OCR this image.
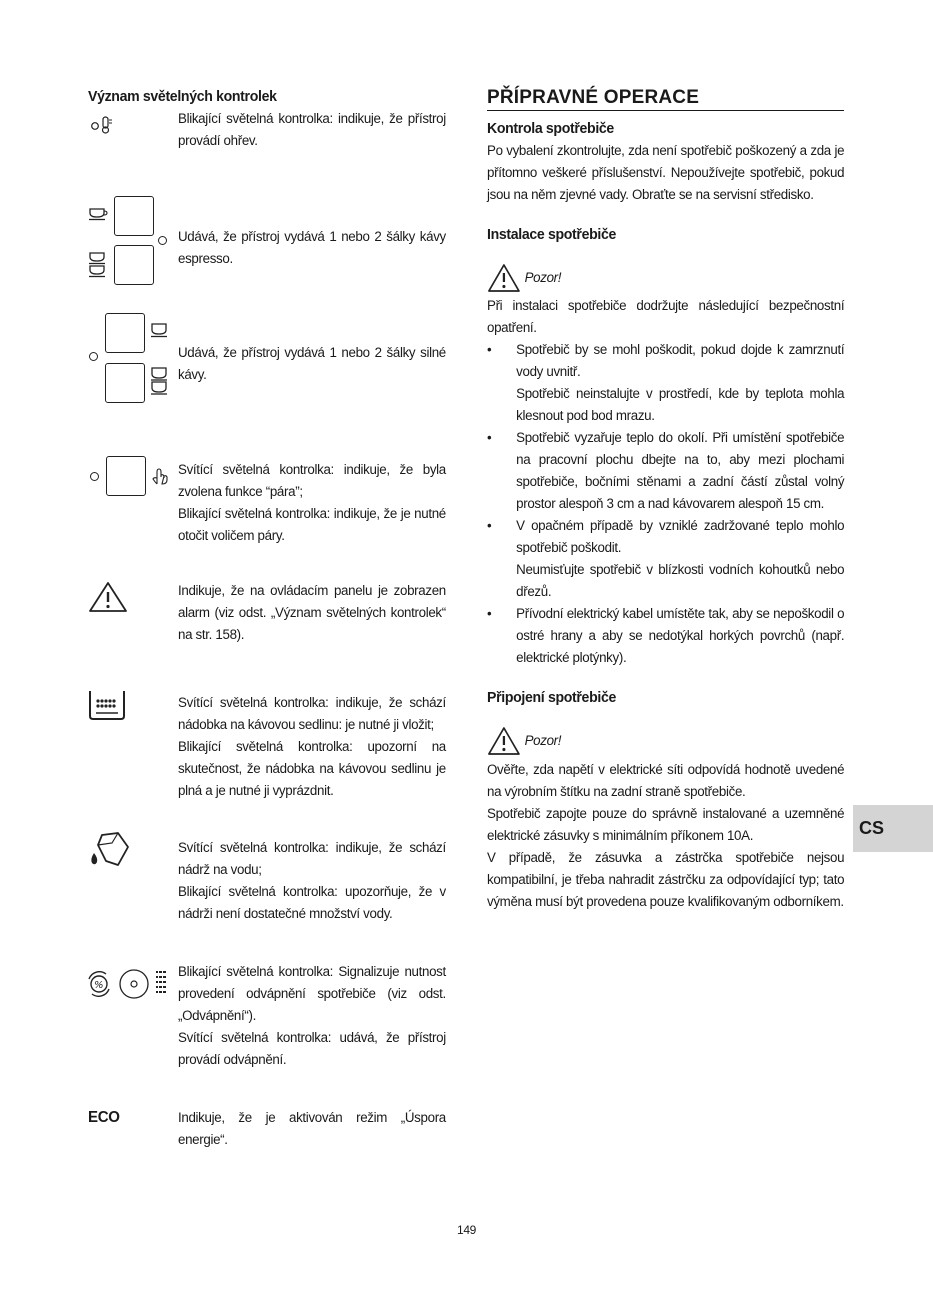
Význam světelných kontrolek

Blikající světelná kontrolka: indikuje, že přístroj provádí ohřev.

Udává, že přístroj vydává 1 nebo 2 šálky kávy espresso.

Udává, že přístroj vydává 1 nebo 2 šálky silné kávy.

Svítící světelná kontrolka: indikuje, že byla zvolena funkce “pára”;

Blikající světelná kontrolka: indikuje, že je nutné otočit voličem páry.

Indikuje, že na ovládacím panelu je zobrazen alarm (viz odst. „Význam světelných kontrolek“ na str. 158).

Svítící světelná kontrolka: indikuje, že schází nádobka na kávovou sedlinu: je nutné ji vložit;

Blikající světelná kontrolka: upozorní na skutečnost, že nádobka na kávovou sedlinu je plná a je nutné ji vyprázdnit.

Svítící světelná kontrolka: indikuje, že schází nádrž na vodu;

Blikající světelná kontrolka: upozorňuje, že v nádrži není dostatečné množství vody.

%

Blikající světelná kontrolka: Signalizuje nutnost provedení odvápnění spotřebiče (viz odst. „Odvápnění“).

Svítící světelná kontrolka: udává, že přístroj provádí odvápnění.

ECO	Indikuje, že je aktivován režim „Úspora energie“.

PŘÍPRAVNÉ OPERACE
Kontrola spotřebiče

Po vybalení zkontrolujte, zda není spotřebič poškozený a zda je přítomno veškeré příslušenství. Nepoužívejte spotřebič, pokud jsou na něm zjevné vady. Obraťte se na servisní středisko.

Instalace spotřebiče
Pozor!

Při instalaci spotřebiče dodržujte následující bezpečnostní opatření.

• Spotřebič by se mohl poškodit, pokud dojde k zamrznutí vody uvnitř.

Spotřebič neinstalujte v prostředí, kde by teplota mohla klesnout pod bod mrazu.

• Spotřebič vyzařuje teplo do okolí. Při umístění spotřebiče na pracovní plochu dbejte na to, aby mezi plochami spotřebiče, bočními stěnami a zadní částí zůstal volný prostor alespoň 3 cm a nad kávovarem alespoň 15 cm.

• V opačném případě by vzniklé zadržované teplo mohlo spotřebič poškodit.

Neumisťujte spotřebič v blízkosti vodních kohoutků nebo dřezů.

• Přívodní elektrický kabel umístěte tak, aby se nepoškodil o ostré hrany a aby se nedotýkal horkých povrchů (např. elektrické plotýnky).

Připojení spotřebiče
Pozor!

Ověřte, zda napětí v elektrické síti odpovídá hodnotě uvedené na výrobním štítku na zadní straně spotřebiče.

Spotřebič zapojte pouze do správně instalované a uzemněné elektrické zásuvky s minimálním příkonem 10A.

V případě, že zásuvka a zástrčka spotřebiče nejsou kompatibilní, je třeba nahradit zástrčku za odpovídající typ; tato výměna musí být provedena pouze kvalifikovaným odborníkem.

CS
149
